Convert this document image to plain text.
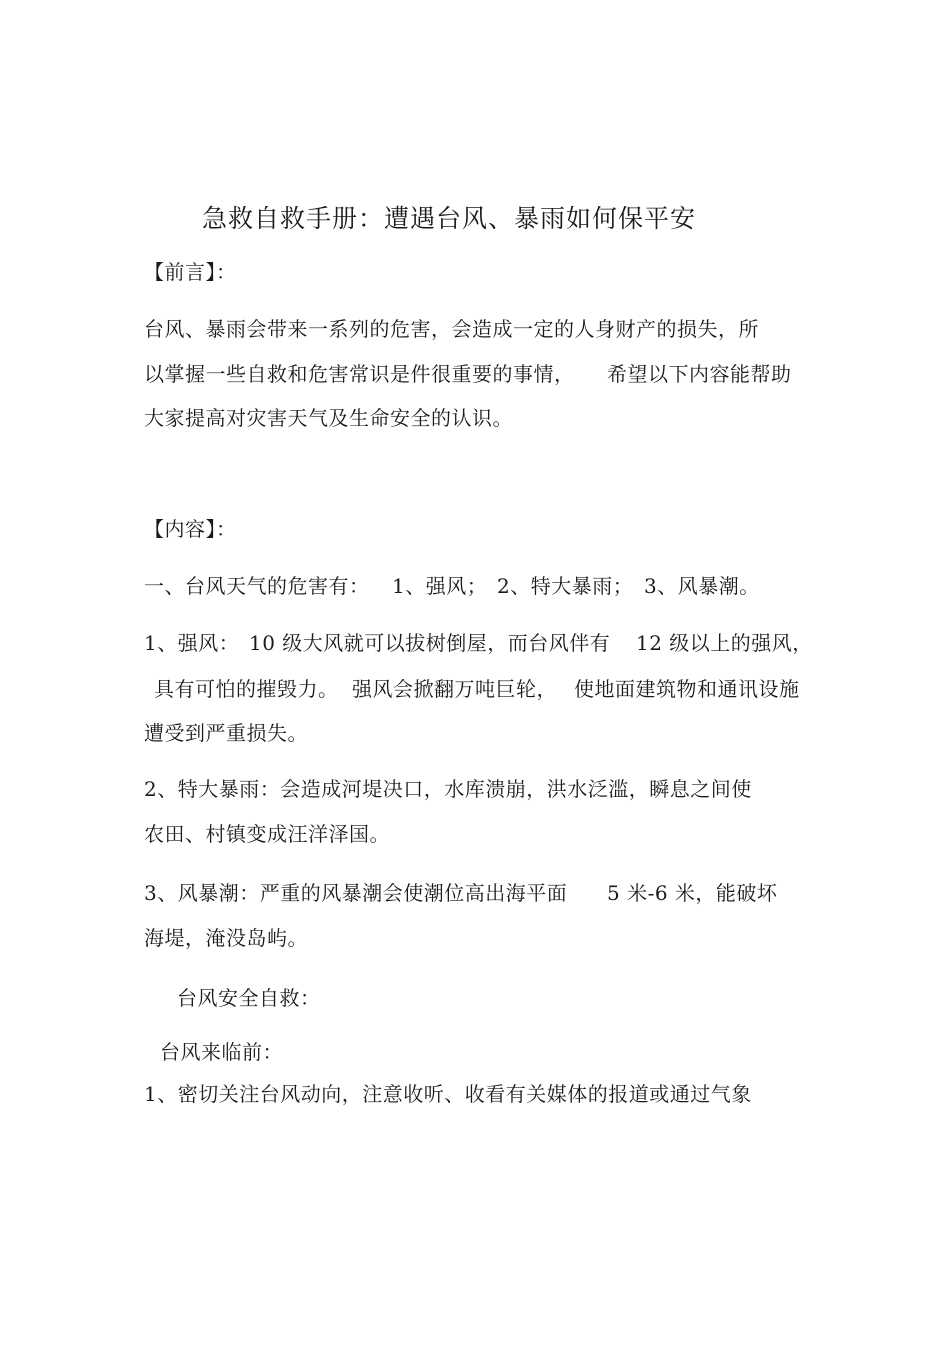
急救自救手册：遭遇台风、暴雨如何保平安
【前言】：
台风、暴雨会带来一系列的危害，会造成一定的人身财产的损失，所
以掌握一些自救和危害常识是件很重要的事情， 希望以下内容能帮助
大家提高对灾害天气及生命安全的认识。
【内容】：
一、台风天气的危害有： 1、强风； 2、特大暴雨； 3、风暴潮。
1、强风： 10 级大风就可以拔树倒屋，而台风伴有 12 级以上的强风，
具有可怕的摧毁力。 强风会掀翻万吨巨轮， 使地面建筑物和通讯设施
遭受到严重损失。
2、特大暴雨：会造成河堤决口，水库溃崩，洪水泛滥，瞬息之间使
农田、村镇变成汪洋泽国。
3、风暴潮：严重的风暴潮会使潮位高出海平面 5 米-6 米，能破坏
海堤，淹没岛屿。
台风安全自救：
台风来临前：
1、密切关注台风动向，注意收听、收看有关媒体的报道或通过气象
